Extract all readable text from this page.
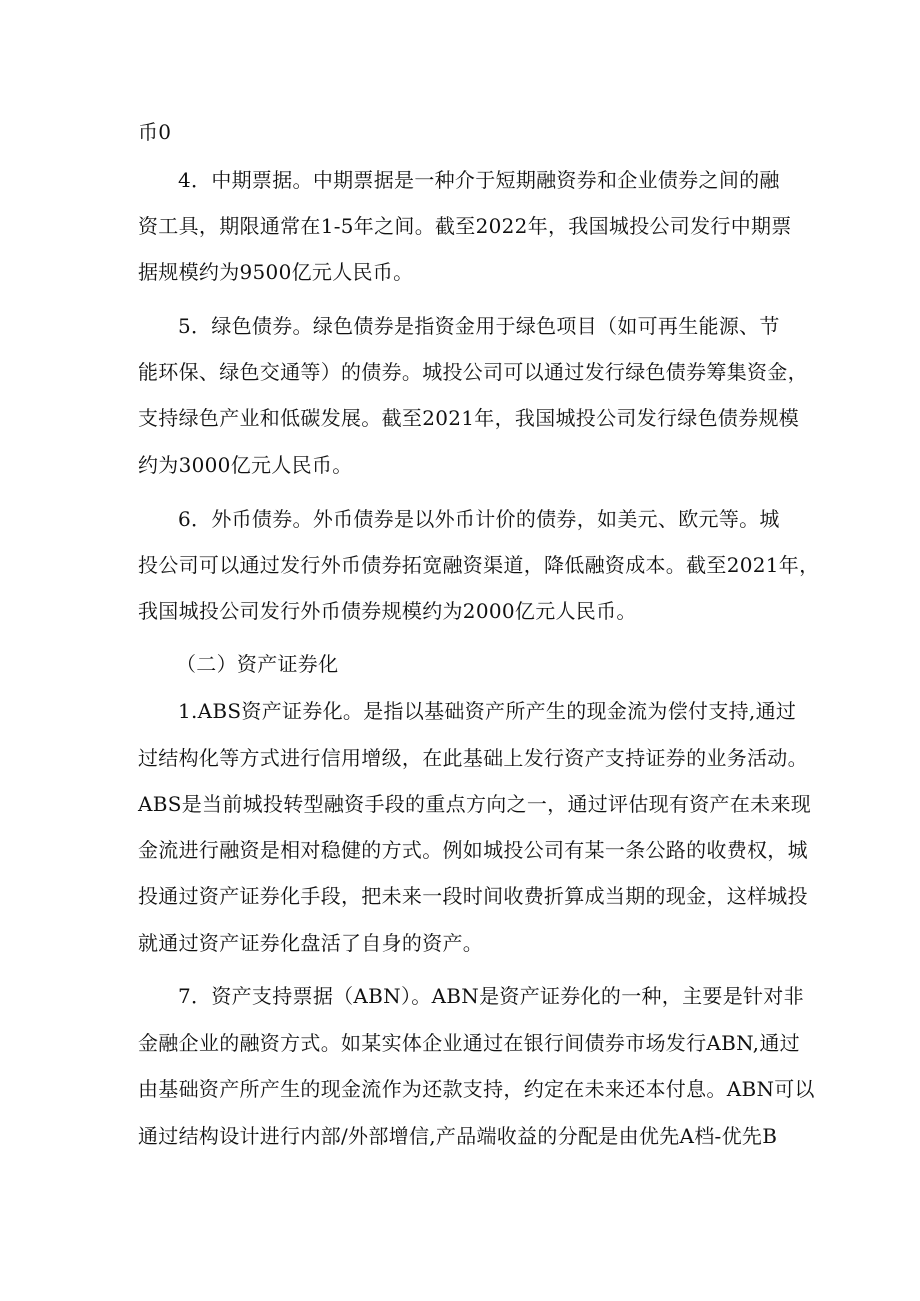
币0
4．中期票据。中期票据是一种介于短期融资券和企业债券之间的融
资工具，期限通常在1-5年之间。截至2022年，我国城投公司发行中期票
据规模约为9500亿元人民币。
5．绿色债券。绿色债券是指资金用于绿色项目（如可再生能源、节
能环保、绿色交通等）的债券。城投公司可以通过发行绿色债券筹集资金，
支持绿色产业和低碳发展。截至2021年，我国城投公司发行绿色债券规模
约为3000亿元人民币。
6．外币债券。外币债券是以外币计价的债券，如美元、欧元等。城
投公司可以通过发行外币债券拓宽融资渠道，降低融资成本。截至2021年，
我国城投公司发行外币债券规模约为2000亿元人民币。
（二）资产证券化
1.ABS资产证券化。是指以基础资产所产生的现金流为偿付支持,通过
过结构化等方式进行信用增级，在此基础上发行资产支持证券的业务活动。
ABS是当前城投转型融资手段的重点方向之一，通过评估现有资产在未来现
金流进行融资是相对稳健的方式。例如城投公司有某一条公路的收费权，城
投通过资产证券化手段，把未来一段时间收费折算成当期的现金，这样城投
就通过资产证券化盘活了自身的资产。
7．资产支持票据（ABN）。ABN是资产证券化的一种，主要是针对非
金融企业的融资方式。如某实体企业通过在银行间债券市场发行ABN,通过
由基础资产所产生的现金流作为还款支持，约定在未来还本付息。ABN可以
通过结构设计进行内部/外部增信,产品端收益的分配是由优先A档-优先B
